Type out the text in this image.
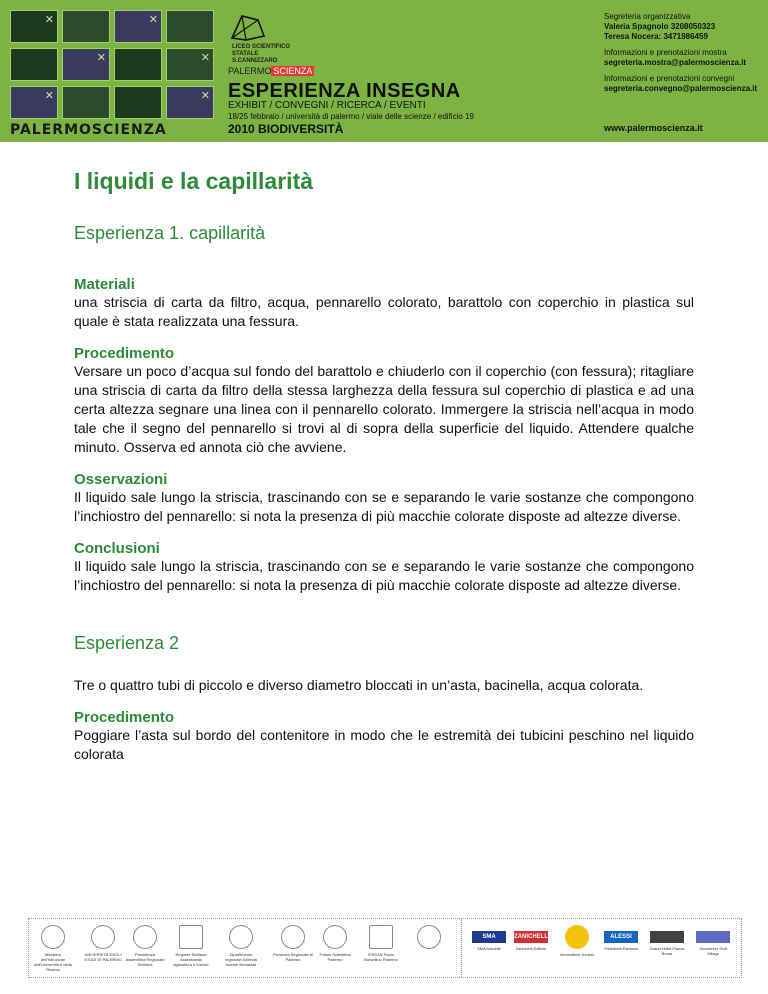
✕	✕
✕	✕
✕	✕
PALERMOSCIENZA
LICEO SCIENTIFICO STATALE S.CANNIZZARO
PALERMO SCIENZA
ESPERIENZA INSEGNA
EXHIBIT / CONVEGNI / RICERCA / EVENTI
18/25 febbraio / università di palermo / viale delle scienze / edificio 19
2010 BIODIVERSITÀ
Segreteria organizzativa
Valeria Spagnolo 3208050323
Teresa Nocera: 3471986459
Informazioni e prenotazioni mostra
segreteria.mostra@palermoscienza.it
Informazioni e prenotazioni convegni
segreteria.convegno@palermoscienza.it
www.palermoscienza.it
I liquidi e la capillarità
Esperienza 1. capillarità
Materiali

una striscia di carta da filtro, acqua, pennarello colorato, barattolo con coperchio in plastica sul quale è stata realizzata una fessura.

Procedimento

Versare un poco d’acqua sul fondo del barattolo e chiuderlo con il coperchio (con fessura); ritagliare una striscia di carta da filtro della stessa larghezza della fessura sul coperchio di plastica e ad una certa altezza segnare una linea con il pennarello colorato. Immergere la striscia nell’acqua in modo tale che il segno del pennarello si trovi al di sopra della superficie del liquido. Attendere qualche minuto. Osserva ed annota ciò che avviene.

Osservazioni

Il liquido sale lungo la striscia, trascinando con se e separando le varie sostanze che compongono l’inchiostro del pennarello: si nota la presenza di più macchie colorate disposte ad altezze diverse.

Conclusioni

Il liquido sale lungo la striscia, trascinando con se e separando le varie sostanze che compongono l’inchiostro del pennarello: si nota la presenza di più macchie colorate disposte ad altezze diverse.

Esperienza 2

Tre o quattro tubi di piccolo e diverso diametro bloccati in un’asta, bacinella, acqua colorata.

Procedimento

Poggiare l’asta sul bordo del contenitore in modo che le estremità dei tubicini peschino nel liquido colorata

Ministero dell'Istruzione dell'Università e della Ricerca
UNIVERSITÀ DEGLI STUDI DI PALERMO
Presidenza Assemblea Regionale Siciliana
Regione Siciliana Assessorato agricoltura e foreste
Dipartimento regionale Azienda foreste demaniali
Provincia Regionale di Palermo
Polisis Scientifica Palermo
IPSSAR Paolo Borsellino Palermo
SMA
SMA Autobile
ZANICHELLI
Zanichelli Editore
Veronafiere Juniors
ALESSI
Pubblicità Estrema	Grand Hotel Piazza Borsa
Sunseeker Gulf Village
